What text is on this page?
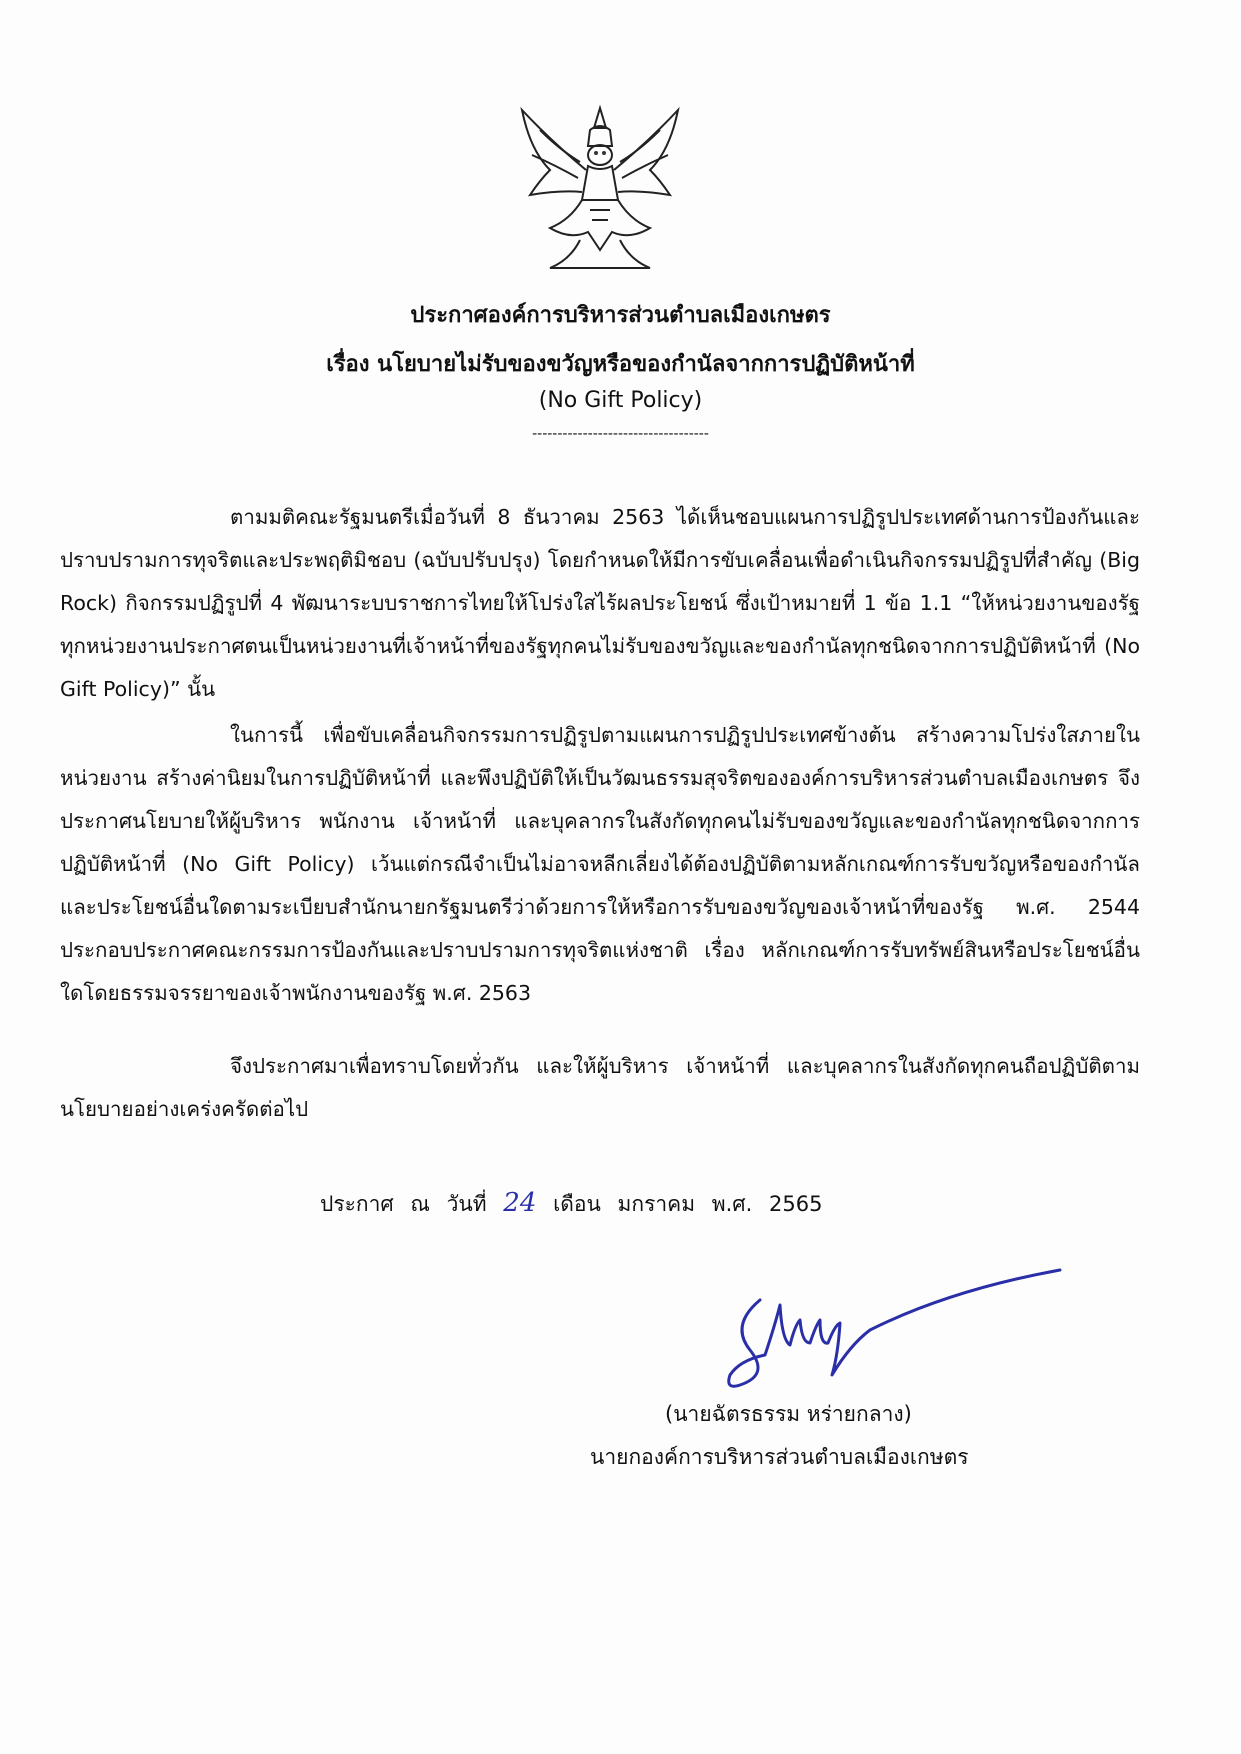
ประกาศองค์การบริหารส่วนตำบลเมืองเกษตร
เรื่อง นโยบายไม่รับของขวัญหรือของกำนัลจากการปฏิบัติหน้าที่
(No Gift Policy)
-----------------------------------
ตามมติคณะรัฐมนตรีเมื่อวันที่ 8 ธันวาคม 2563 ได้เห็นชอบแผนการปฏิรูปประเทศด้านการป้องกันและปราบปรามการทุจริตและประพฤติมิชอบ (ฉบับปรับปรุง) โดยกำหนดให้มีการขับเคลื่อนเพื่อดำเนินกิจกรรมปฏิรูปที่สำคัญ (Big Rock) กิจกรรมปฏิรูปที่ 4 พัฒนาระบบราชการไทยให้โปร่งใสไร้ผลประโยชน์ ซึ่งเป้าหมายที่ 1 ข้อ 1.1 “ให้หน่วยงานของรัฐทุกหน่วยงานประกาศตนเป็นหน่วยงานที่เจ้าหน้าที่ของรัฐทุกคนไม่รับของขวัญและของกำนัลทุกชนิดจากการปฏิบัติหน้าที่ (No Gift Policy)” นั้น
ในการนี้ เพื่อขับเคลื่อนกิจกรรมการปฏิรูปตามแผนการปฏิรูปประเทศข้างต้น สร้างความโปร่งใสภายในหน่วยงาน สร้างค่านิยมในการปฏิบัติหน้าที่ และพึงปฏิบัติให้เป็นวัฒนธรรมสุจริตขององค์การบริหารส่วนตำบลเมืองเกษตร จึงประกาศนโยบายให้ผู้บริหาร พนักงาน เจ้าหน้าที่ และบุคลากรในสังกัดทุกคนไม่รับของขวัญและของกำนัลทุกชนิดจากการปฏิบัติหน้าที่ (No Gift Policy) เว้นแต่กรณีจำเป็นไม่อาจหลีกเลี่ยงได้ต้องปฏิบัติตามหลักเกณฑ์การรับขวัญหรือของกำนัล และประโยชน์อื่นใดตามระเบียบสำนักนายกรัฐมนตรีว่าด้วยการให้หรือการรับของขวัญของเจ้าหน้าที่ของรัฐ พ.ศ. 2544 ประกอบประกาศคณะกรรมการป้องกันและปราบปรามการทุจริตแห่งชาติ เรื่อง หลักเกณฑ์การรับทรัพย์สินหรือประโยชน์อื่นใดโดยธรรมจรรยาของเจ้าพนักงานของรัฐ พ.ศ. 2563
จึงประกาศมาเพื่อทราบโดยทั่วกัน และให้ผู้บริหาร เจ้าหน้าที่ และบุคลากรในสังกัดทุกคนถือปฏิบัติตามนโยบายอย่างเคร่งครัดต่อไป
ประกาศ ณ วันที่ 24 เดือน มกราคม พ.ศ. 2565
(นายฉัตรธรรม หร่ายกลาง)
นายกองค์การบริหารส่วนตำบลเมืองเกษตร
